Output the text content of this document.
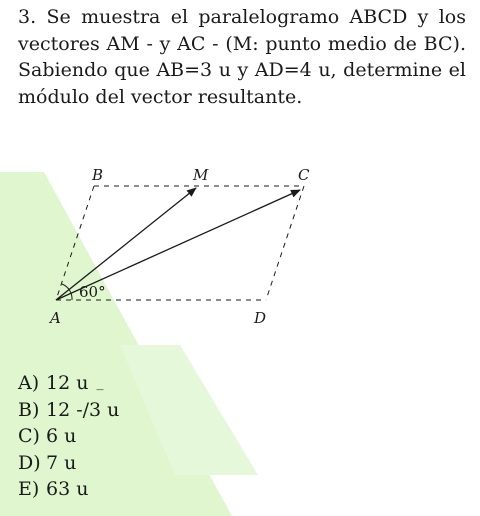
3. Se muestra el paralelogramo ABCD y los vectores AM - y AC - (M: punto medio de BC). Sabiendo que AB=3 u y AD=4 u, determine el módulo del vector resultante.

B	M	C
A	D
60°
A) 12 u _
B) 12 -/3 u
C) 6 u
D) 7 u
E) 63 u
